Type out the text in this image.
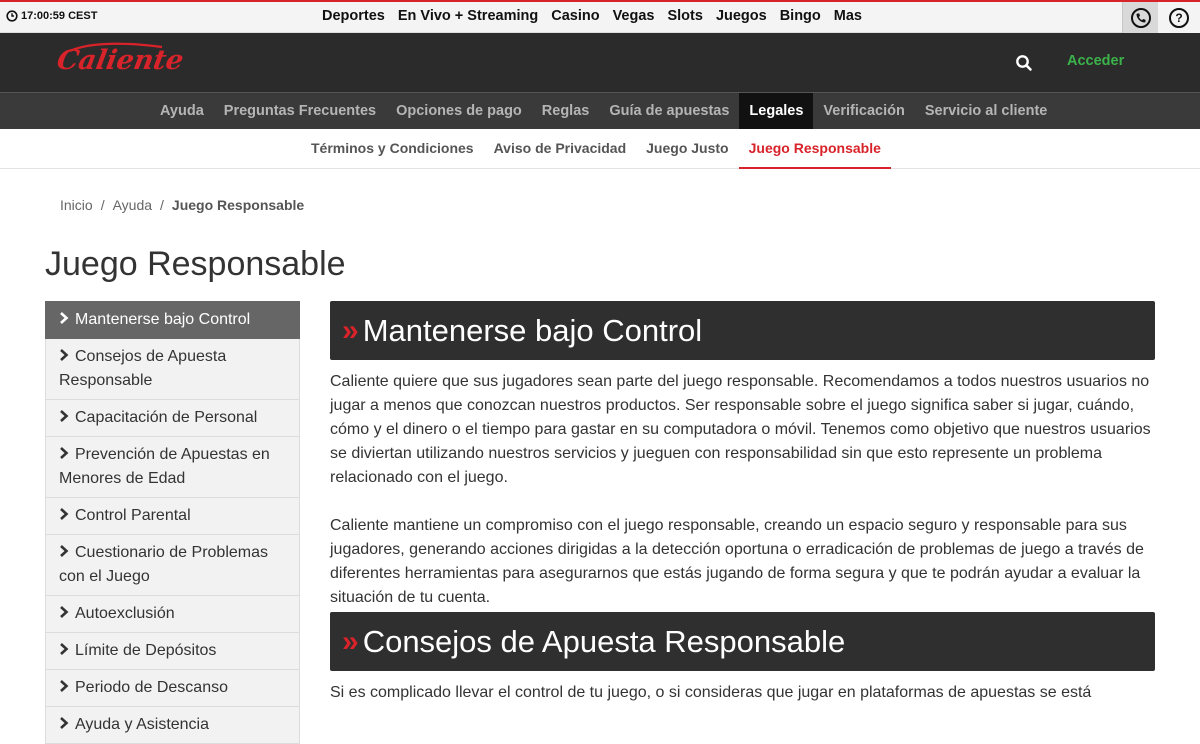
17:00:59 CEST	Deportes En Vivo + Streaming Casino Vegas Slots Juegos Bingo Mas	?
Caliente	Acceder
Ayuda	Preguntas Frecuentes	Opciones de pago	Reglas	Guía de apuestas	Legales	Verificación	Servicio al cliente
Términos y Condiciones	Aviso de Privacidad	Juego Justo	Juego Responsable
Inicio / Ayuda / Juego Responsable
Juego Responsable
Mantenerse bajo Control
Consejos de Apuesta Responsable
Capacitación de Personal
Prevención de Apuestas en Menores de Edad
Control Parental
Cuestionario de Problemas con el Juego
Autoexclusión
Límite de Depósitos
Periodo de Descanso
Ayuda y Asistencia
» Mantenerse bajo Control

Caliente quiere que sus jugadores sean parte del juego responsable. Recomendamos a todos nuestros usuarios no jugar a menos que conozcan nuestros productos. Ser responsable sobre el juego significa saber si jugar, cuándo, cómo y el dinero o el tiempo para gastar en su computadora o móvil. Tenemos como objetivo que nuestros usuarios se diviertan utilizando nuestros servicios y jueguen con responsabilidad sin que esto represente un problema relacionado con el juego.

Caliente mantiene un compromiso con el juego responsable, creando un espacio seguro y responsable para sus jugadores, generando acciones dirigidas a la detección oportuna o erradicación de problemas de juego a través de diferentes herramientas para asegurarnos que estás jugando de forma segura y que te podrán ayudar a evaluar la situación de tu cuenta.

» Consejos de Apuesta Responsable

Si es complicado llevar el control de tu juego, o si consideras que jugar en plataformas de apuestas se está
